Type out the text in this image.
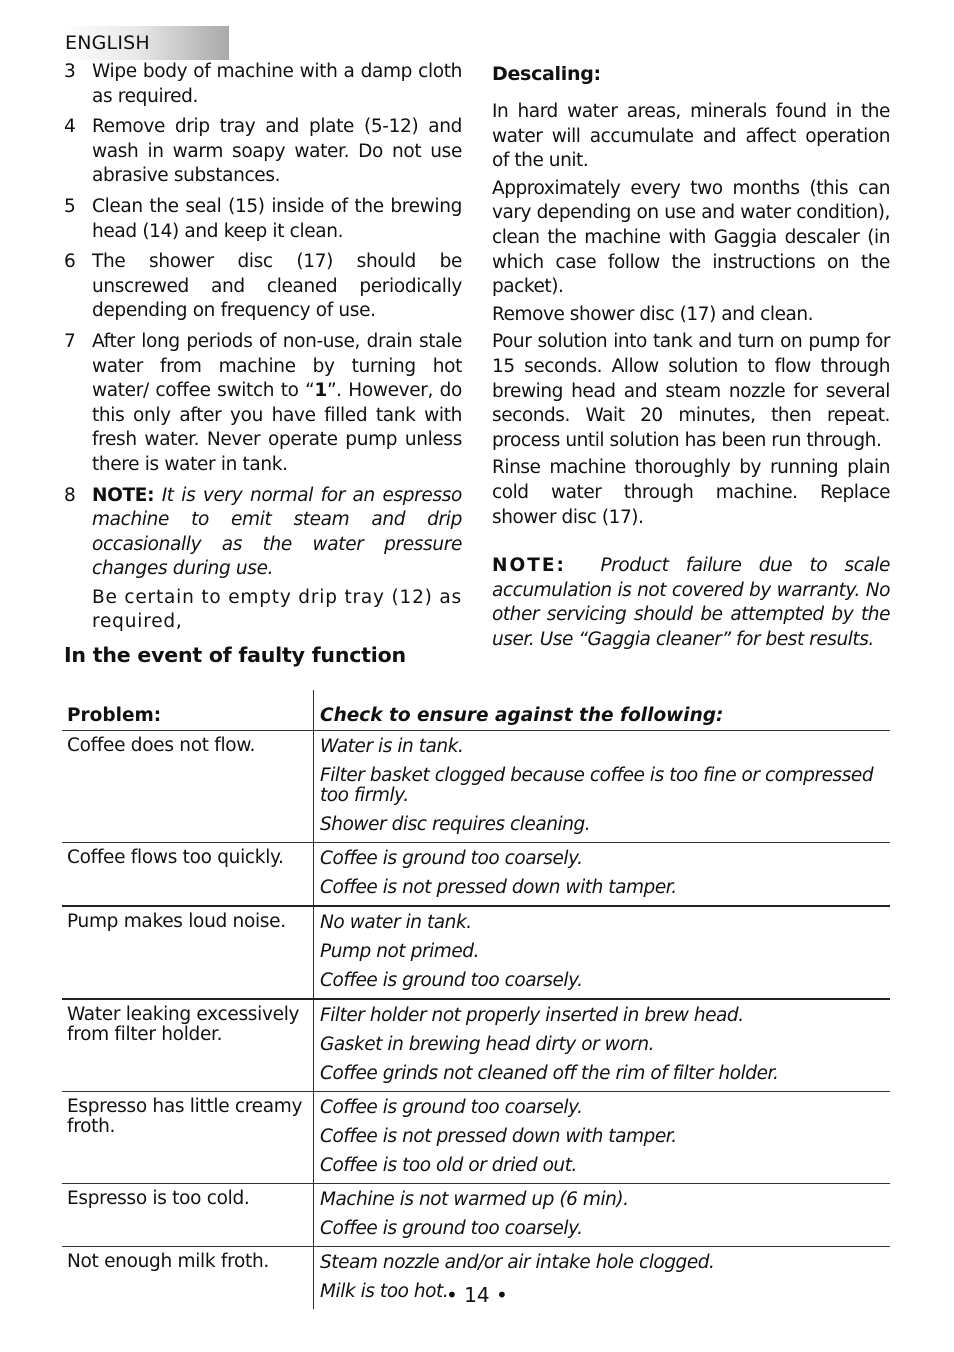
ENGLISH
3 Wipe body of machine with a damp cloth as required.
4 Remove drip tray and plate (5-12) and wash in warm soapy water. Do not use abrasive substances.
5 Clean the seal (15) inside of the brewing head (14) and keep it clean.
6 The shower disc (17) should be unscrewed and cleaned periodically depending on frequency of use.
7 After long periods of non-use, drain stale water from machine by turning hot water/ coffee switch to “1”. However, do this only after you have filled tank with fresh water. Never operate pump unless there is water in tank.
8 NOTE: It is very normal for an espresso machine to emit steam and drip occasionally as the water pressure changes during use.

Be certain to empty drip tray (12) as required,

Descaling:

In hard water areas, minerals found in the water will accumulate and affect operation of the unit.

Approximately every two months (this can vary depending on use and water condition), clean the machine with Gaggia descaler (in which case follow the instructions on the packet).

Remove shower disc (17) and clean.

Pour solution into tank and turn on pump for 15 seconds. Allow solution to flow through brewing head and steam nozzle for several seconds. Wait 20 minutes, then repeat. process until solution has been run through.

Rinse machine thoroughly by running plain cold water through machine. Replace shower disc (17).

NOTE: Product failure due to scale accumulation is not covered by warranty. No other servicing should be attempted by the user. Use “Gaggia cleaner” for best results.

In the event of faulty function
Problem:	Check to ensure against the following:
Coffee does not flow.	Water is in tank.
Filter basket clogged because coffee is too fine or compressed too firmly.
Shower disc requires cleaning.

Coffee flows too quickly.	Coffee is ground too coarsely.
Coffee is not pressed down with tamper.

Pump makes loud noise.	No water in tank.
Pump not primed.
Coffee is ground too coarsely.

Water leaking excessively from filter holder.	Filter holder not properly inserted in brew head.
Gasket in brewing head dirty or worn.
Coffee grinds not cleaned off the rim of filter holder.

Espresso has little creamy froth.	Coffee is ground too coarsely.
Coffee is not pressed down with tamper.
Coffee is too old or dried out.

Espresso is too cold.	Machine is not warmed up (6 min).
Coffee is ground too coarsely.

Not enough milk froth.	Steam nozzle and/or air intake hole clogged.
Milk is too hot.
• 14 •
